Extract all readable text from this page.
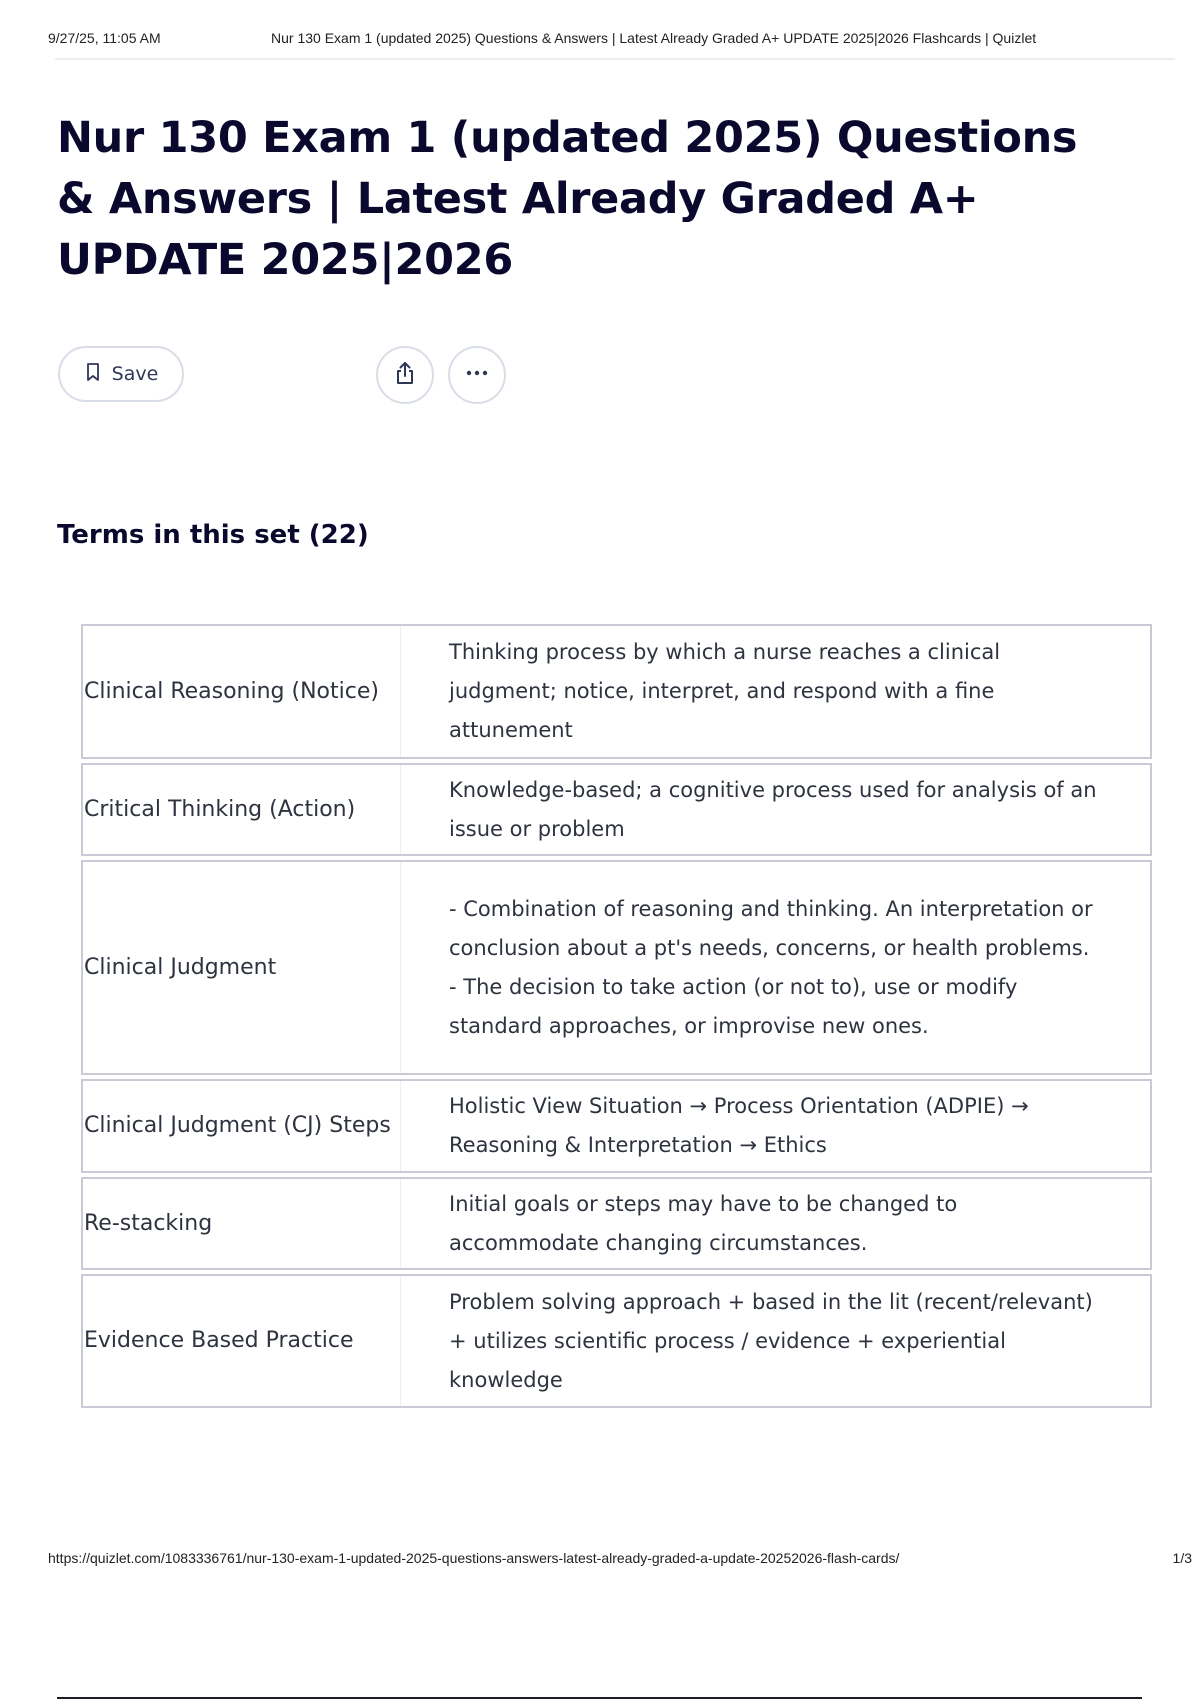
9/27/25, 11:05 AM	Nur 130 Exam 1 (updated 2025) Questions & Answers | Latest Already Graded A+ UPDATE 2025|2026 Flashcards | Quizlet
Nur 130 Exam 1 (updated 2025) Questions & Answers | Latest Already Graded A+ UPDATE 2025|2026
Save
Terms in this set (22)
Clinical Reasoning (Notice)
Thinking process by which a nurse reaches a clinical judgment; notice, interpret, and respond with a fine attunement
Critical Thinking (Action)
Knowledge-based; a cognitive process used for analysis of an issue or problem
Clinical Judgment
- Combination of reasoning and thinking. An interpretation or conclusion about a pt's needs, concerns, or health problems.
- The decision to take action (or not to), use or modify standard approaches, or improvise new ones.
Clinical Judgment (CJ) Steps
Holistic View Situation → Process Orientation (ADPIE) → Reasoning & Interpretation → Ethics
Re-stacking
Initial goals or steps may have to be changed to accommodate changing circumstances.
Evidence Based Practice
Problem solving approach + based in the lit (recent/relevant) + utilizes scientific process / evidence + experiential knowledge
https://quizlet.com/1083336761/nur-130-exam-1-updated-2025-questions-answers-latest-already-graded-a-update-20252026-flash-cards/	1/3
